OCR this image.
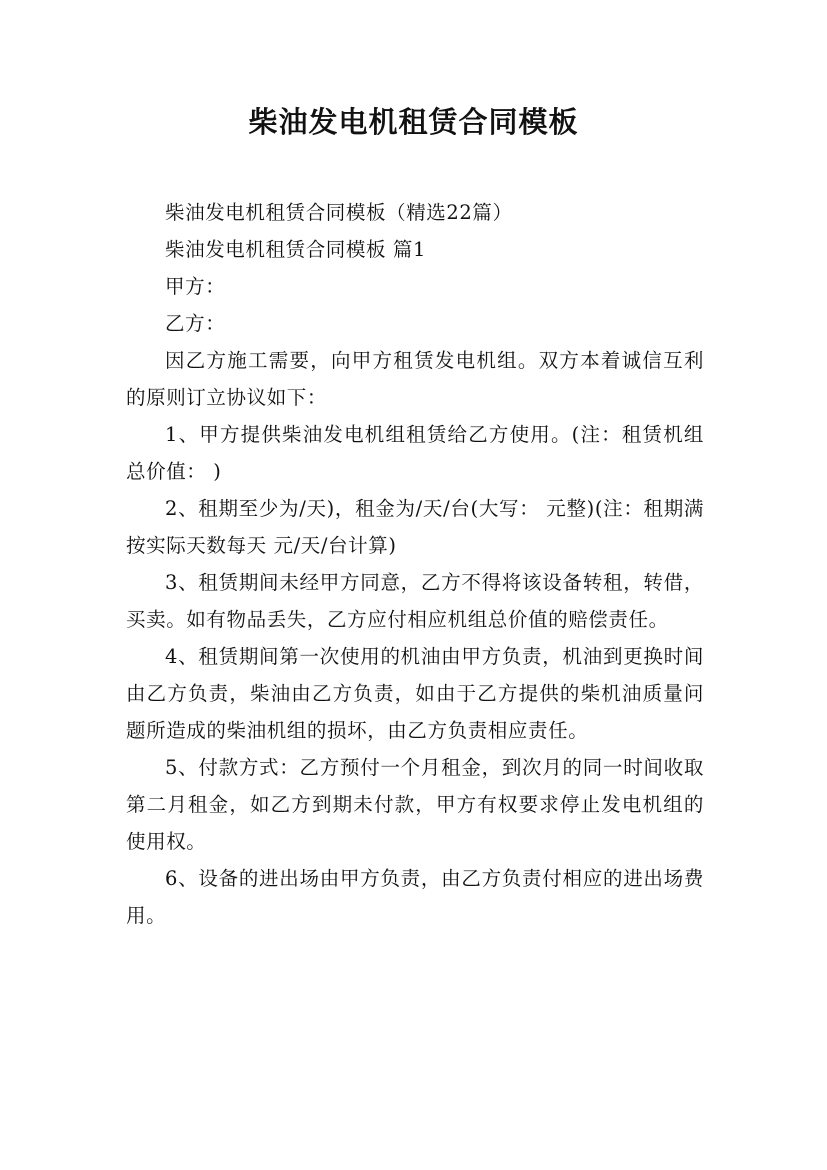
柴油发电机租赁合同模板

柴油发电机租赁合同模板（精选22篇）

柴油发电机租赁合同模板 篇1

甲方：

乙方：

因乙方施工需要，向甲方租赁发电机组。双方本着诚信互利的原则订立协议如下：

1、甲方提供柴油发电机组租赁给乙方使用。(注：租赁机组总价值： )

2、租期至少为/天)，租金为/天/台(大写： 元整)(注：租期满按实际天数每天 元/天/台计算)

3、租赁期间未经甲方同意，乙方不得将该设备转租，转借，买卖。如有物品丢失，乙方应付相应机组总价值的赔偿责任。

4、租赁期间第一次使用的机油由甲方负责，机油到更换时间由乙方负责，柴油由乙方负责，如由于乙方提供的柴机油质量问题所造成的柴油机组的损坏，由乙方负责相应责任。

5、付款方式：乙方预付一个月租金，到次月的同一时间收取第二月租金，如乙方到期未付款，甲方有权要求停止发电机组的使用权。

6、设备的进出场由甲方负责，由乙方负责付相应的进出场费用。
